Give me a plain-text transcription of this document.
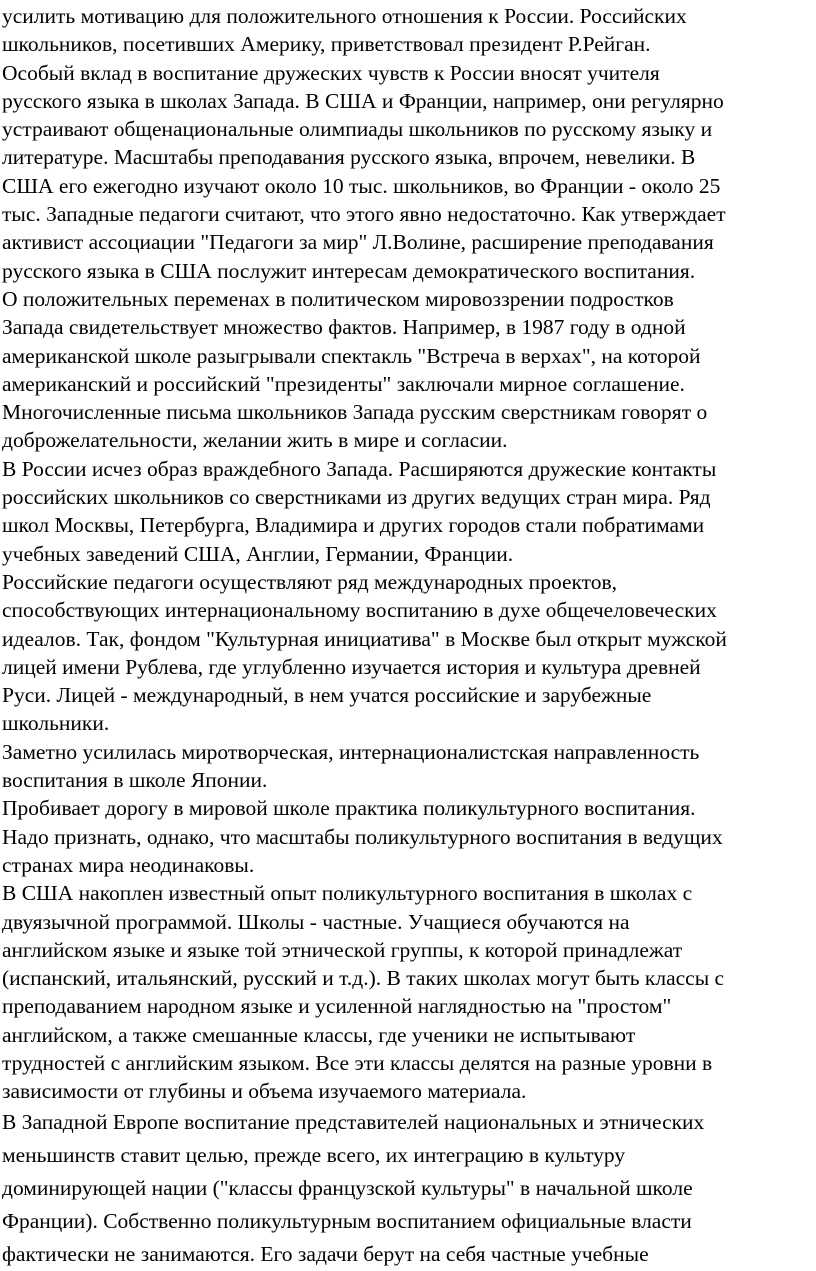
усилить мотивацию для положительного отношения к России. Российских
школьников, посетивших Америку, приветствовал президент Р.Рейган.
Особый вклад в воспитание дружеских чувств к России вносят учителя
русского языка в школах Запада. В США и Франции, например, они регулярно
устраивают общенациональные олимпиады школьников по русскому языку и
литературе. Масштабы преподавания русского языка, впрочем, невелики. В
США его ежегодно изучают около 10 тыс. школьников, во Франции - около 25
тыс. Западные педагоги считают, что этого явно недостаточно. Как утверждает
активист ассоциации "Педагоги за мир" Л.Волине, расширение преподавания
русского языка в США послужит интересам демократического воспитания.
О положительных переменах в политическом мировоззрении подростков
Запада свидетельствует множество фактов. Например, в 1987 году в одной
американской школе разыгрывали спектакль "Встреча в верхах", на которой
американский и российский "президенты" заключали мирное соглашение.
Многочисленные письма школьников Запада русским сверстникам говорят о
доброжелательности, желании жить в мире и согласии.
В России исчез образ враждебного Запада. Расширяются дружеские контакты
российских школьников со сверстниками из других ведущих стран мира. Ряд
школ Москвы, Петербурга, Владимира и других городов стали побратимами
учебных заведений США, Англии, Германии, Франции.
Российские педагоги осуществляют ряд международных проектов,
способствующих интернациональному воспитанию в духе общечеловеческих
идеалов. Так, фондом "Культурная инициатива" в Москве был открыт мужской
лицей имени Рублева, где углубленно изучается история и культура древней
Руси. Лицей - международный, в нем учатся российские и зарубежные
школьники.
Заметно усилилась миротворческая, интернационалистская направленность
воспитания в школе Японии.
Пробивает дорогу в мировой школе практика поликультурного воспитания.
Надо признать, однако, что масштабы поликультурного воспитания в ведущих
странах мира неодинаковы.
В США накоплен известный опыт поликультурного воспитания в школах с
двуязычной программой. Школы - частные. Учащиеся обучаются на
английском языке и языке той этнической группы, к которой принадлежат
(испанский, итальянский, русский и т.д.). В таких школах могут быть классы с
преподаванием народном языке и усиленной наглядностью на "простом"
английском, а также смешанные классы, где ученики не испытывают
трудностей с английским языком. Все эти классы делятся на разные уровни в
зависимости от глубины и объема изучаемого материала.
В Западной Европе воспитание представителей национальных и этнических
меньшинств ставит целью, прежде всего, их интеграцию в культуру
доминирующей нации ("классы французской культуры" в начальной школе
Франции). Собственно поликультурным воспитанием официальные власти
фактически не занимаются. Его задачи берут на себя частные учебные
